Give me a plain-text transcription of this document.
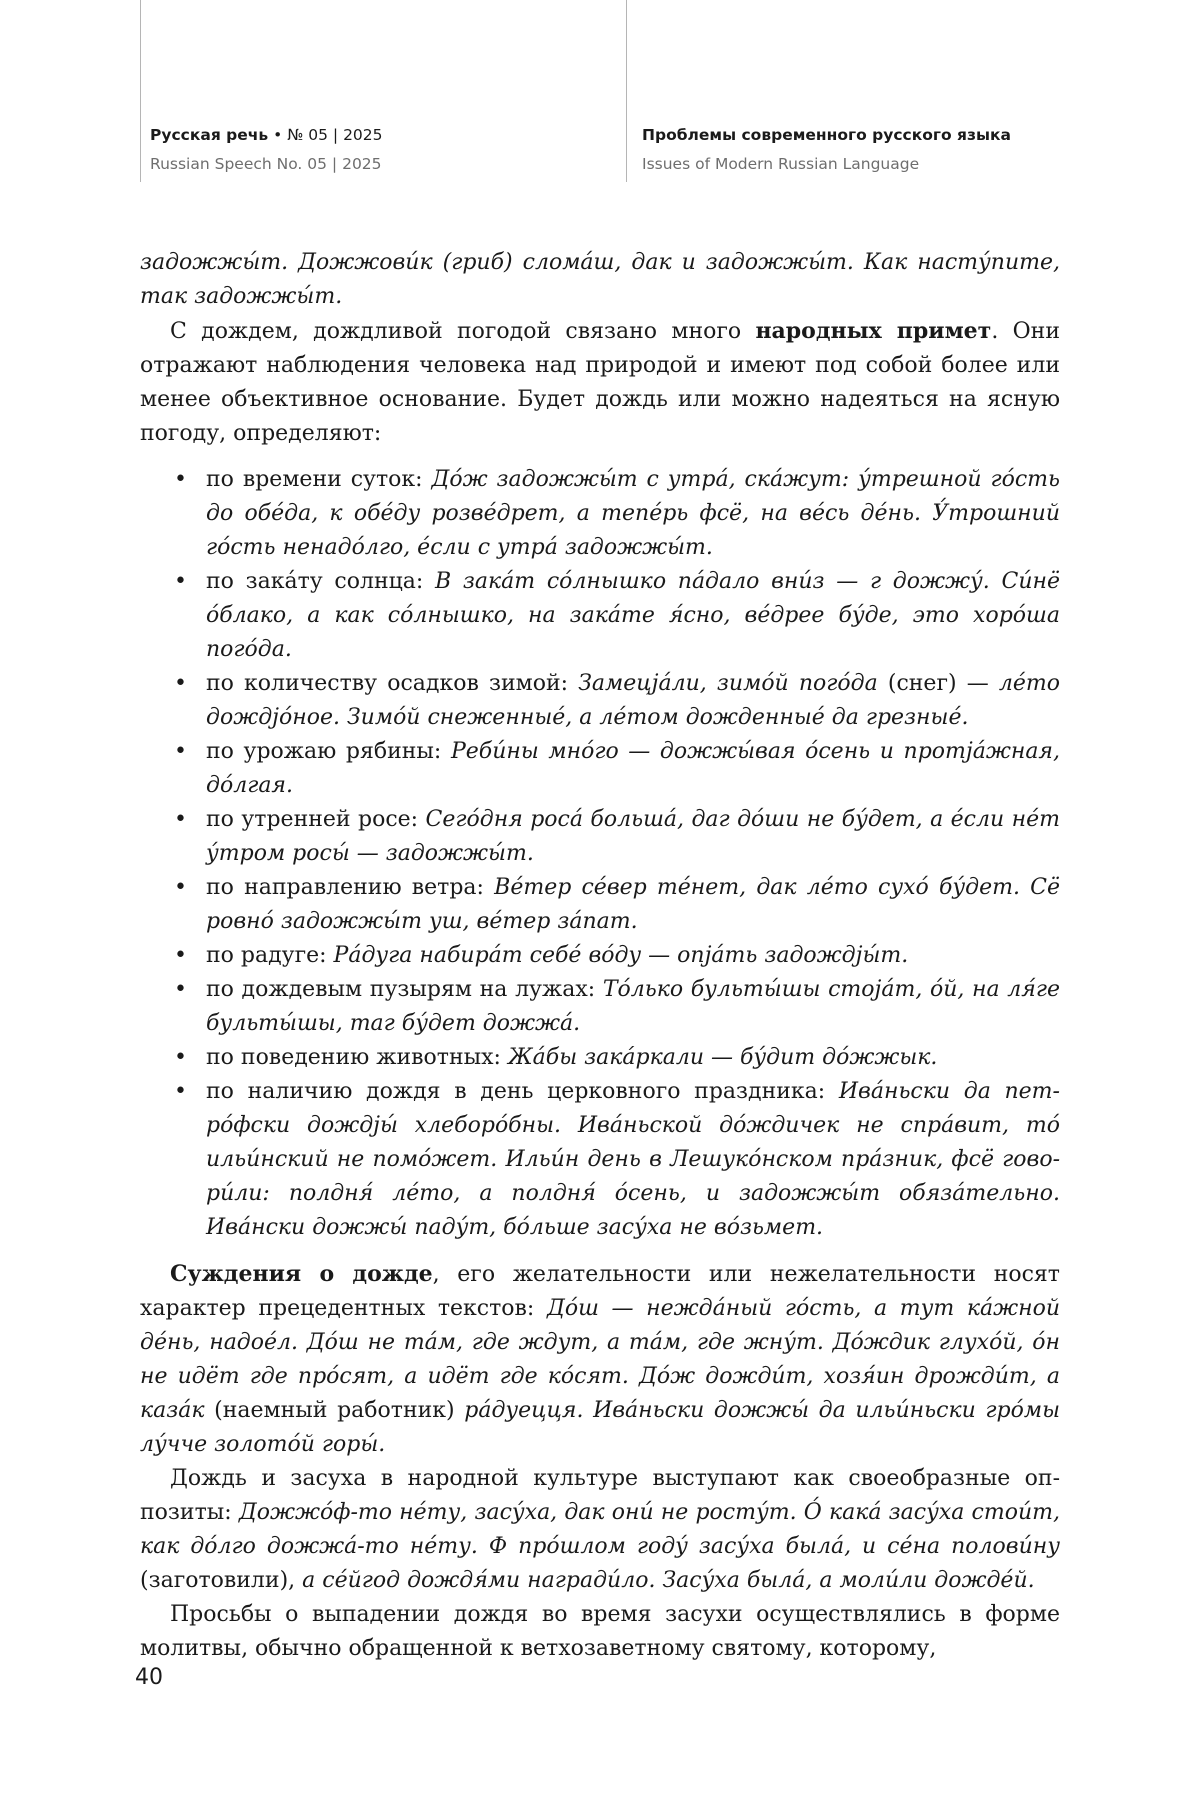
Русская речь • № 05 | 2025
Russian Speech No. 05 | 2025
Проблемы современного русского языка
Issues of Modern Russian Language

задожжы́т. Дожжови́к (гриб) слома́ш, дак и задожжы́т. Как насту́пите, так задожжы́т.

С дождем, дождливой погодой связано много народных примет. Они отражают наблюдения человека над природой и имеют под собой более или менее объективное основание. Будет дождь или можно надеяться на ясную погоду, определяют:

• по времени суток: До́ж задожжы́т с утра́, ска́жут: у́трешной го́сть до обе́да, к обе́ду розве́дрет, а тепе́рь фсё, на ве́сь де́нь. У́трошний го́сть ненадо́лго, е́сли с утра́ задожжы́т.
• по зака́ту солнца: В зака́т со́лнышко па́дало вни́з — г дожжу́. Си́нё о́блако, а как со́лнышко, на зака́те я́сно, ве́дрее бу́де, это хоро́ша пого́да.
• по количеству осадков зимой: Замецја́ли, зимо́й пого́да (снег) — ле́то дождјо́ное. Зимо́й снеженные́, а ле́том дожденные́ да грезные́.
• по урожаю рябины: Реби́ны мно́го — дожжы́вая о́сень и протја́жная, до́лгая.
• по утренней росе: Сего́дня роса́ больша́, даг до́ши не бу́дет, а е́сли не́т у́тром росы́ — задожжы́т.
• по направлению ветра: Ве́тер се́вер те́нет, дак ле́то сухо́ бу́дет. Сё ровно́ задожжы́т уш, ве́тер за́пат.
• по радуге: Ра́дуга набира́т себе́ во́ду — опја́ть задождјы́т.
• по дождевым пузырям на лужах: То́лько бульты́шы стоја́т, о́й, на ля́ге бульты́шы, таг бу́дет дожжа́.
• по поведению животных: Жа́бы закáркали — бу́дит до́жжык.
• по наличию дождя в день церковного праздника: Ива́ньски да петро́фски дождјы́ хлеборо́бны. Ива́ньской до́ждичек не спра́вит, то́ ильи́нский не помо́жет. Ильи́н день в Лешуко́нском пра́зник, фсё говори́ли: полдня́ ле́то, а полдня́ о́сень, и задожжы́т обяза́тельно. Ива́нски дожжы́ паду́т, бо́льше засу́ха не во́зьмет.

Суждения о дожде, его желательности или нежелательности носят характер прецедентных текстов: До́ш — нежда́ный го́сть, а тут ка́жной де́нь, надое́л. До́ш не та́м, где ждут, а та́м, где жну́т. До́ждик глухо́й, о́н не идёт где про́сят, а идёт где ко́сят. До́ж дожди́т, хозя́ин дрожди́т, а каза́к (наемный работник) ра́дуецця. Ива́ньски дожжы́ да ильи́ньски гро́мы лу́чче золото́й горы́.

Дождь и засуха в народной культуре выступают как своеобразные оппозиты: Дожжо́ф-то не́ту, засу́ха, дак они́ не росту́т. О́ кака́ засу́ха стои́т, как до́лго дожжа́-то не́ту. Ф про́шлом году́ засу́ха была́, и се́на полови́ну (заготовили), а се́йгод дождя́ми награди́ло. Засу́ха была́, а моли́ли дожде́й.

Просьбы о выпадении дождя во время засухи осуществлялись в форме молитвы, обычно обращенной к ветхозаветному святому, которому,

40
